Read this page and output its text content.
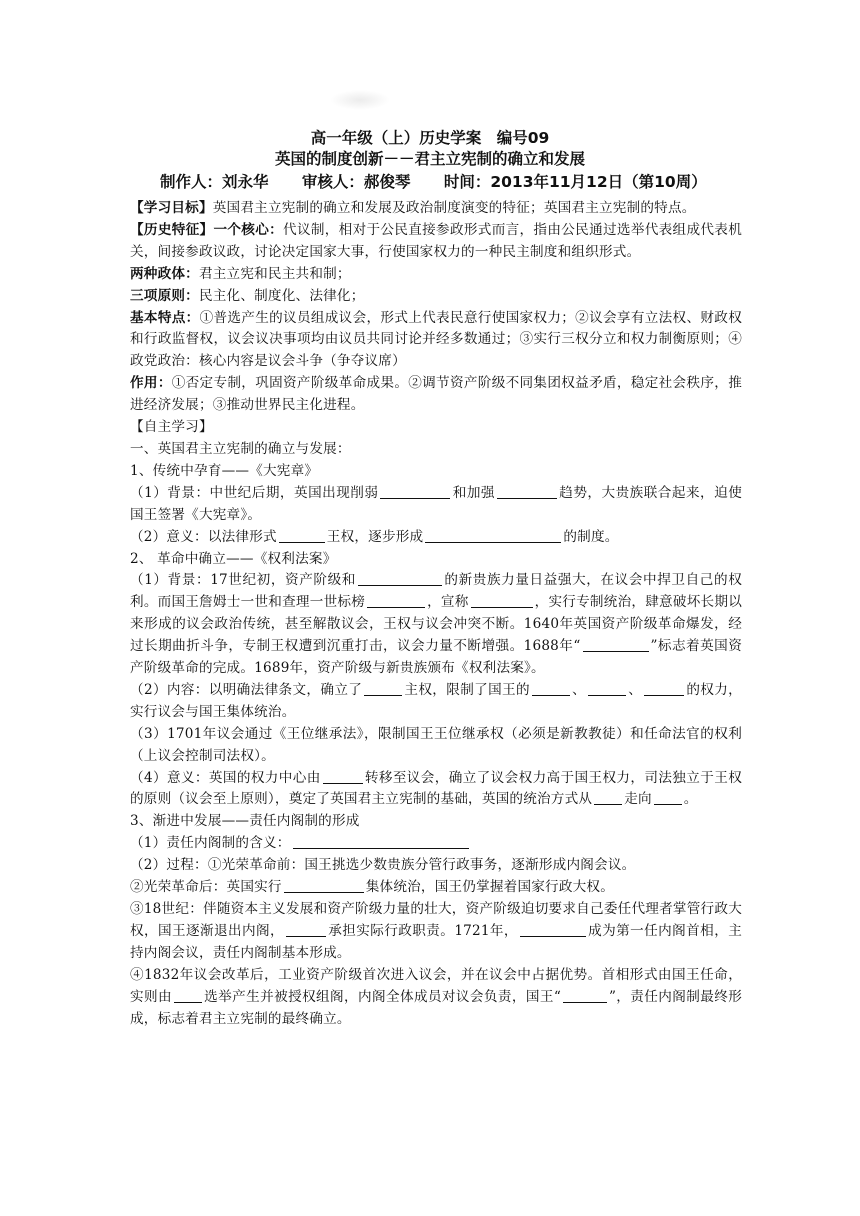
高一年级（上）历史学案　编号09
英国的制度创新－－君主立宪制的确立和发展
制作人：刘永华 审核人：郝俊琴 时间：2013年11月12日（第10周）

【学习目标】英国君主立宪制的确立和发展及政治制度演变的特征；英国君主立宪制的特点。

【历史特征】一个核心：代议制，相对于公民直接参政形式而言，指由公民通过选举代表组成代表机关，间接参政议政，讨论决定国家大事，行使国家权力的一种民主制度和组织形式。

两种政体：君主立宪和民主共和制；

三项原则：民主化、制度化、法律化；

基本特点：①普选产生的议员组成议会，形式上代表民意行使国家权力；②议会享有立法权、财政权和行政监督权，议会议决事项均由议员共同讨论并经多数通过；③实行三权分立和权力制衡原则；④政党政治：核心内容是议会斗争（争夺议席）

作用：①否定专制，巩固资产阶级革命成果。②调节资产阶级不同集团权益矛盾，稳定社会秩序，推进经济发展；③推动世界民主化进程。

【自主学习】

一、英国君主立宪制的确立与发展：

1、传统中孕育——《大宪章》

（1）背景：中世纪后期，英国出现削弱	和加强	趋势，大贵族联合起来，迫使国王签署《大宪章》。

（2）意义：以法律形式	王权，逐步形成	的制度。

2、 革命中确立——《权利法案》

（1）背景：17世纪初，资产阶级和	的新贵族力量日益强大，在议会中捍卫自己的权利。而国王詹姆士一世和查理一世标榜	，宣称	，实行专制统治，肆意破坏长期以来形成的议会政治传统，甚至解散议会，王权与议会冲突不断。1640年英国资产阶级革命爆发，经过长期曲折斗争，专制王权遭到沉重打击，议会力量不断增强。1688年“	”标志着英国资产阶级革命的完成。1689年，资产阶级与新贵族颁布《权利法案》。

（2）内容：以明确法律条文，确立了	主权，限制了国王的	、	、	的权力，实行议会与国王集体统治。

（3）1701年议会通过《王位继承法》，限制国王王位继承权（必须是新教教徒）和任命法官的权利（上议会控制司法权）。

（4）意义：英国的权力中心由	转移至议会，确立了议会权力高于国王权力，司法独立于王权的原则（议会至上原则），奠定了英国君主立宪制的基础，英国的统治方式从 走向 。

3、渐进中发展——责任内阁制的形成

（1）责任内阁制的含义：

（2）过程：①光荣革命前：国王挑选少数贵族分管行政事务，逐渐形成内阁会议。

②光荣革命后：英国实行	集体统治，国王仍掌握着国家行政大权。

③18世纪：伴随资本主义发展和资产阶级力量的壮大，资产阶级迫切要求自己委任代理者掌管行政大权，国王逐渐退出内阁，	承担实际行政职责。1721年，	成为第一任内阁首相，主持内阁会议，责任内阁制基本形成。

④1832年议会改革后，工业资产阶级首次进入议会，并在议会中占据优势。首相形式由国王任命，实则由 选举产生并被授权组阁，内阁全体成员对议会负责，国王“	”，责任内阁制最终形成，标志着君主立宪制的最终确立。
